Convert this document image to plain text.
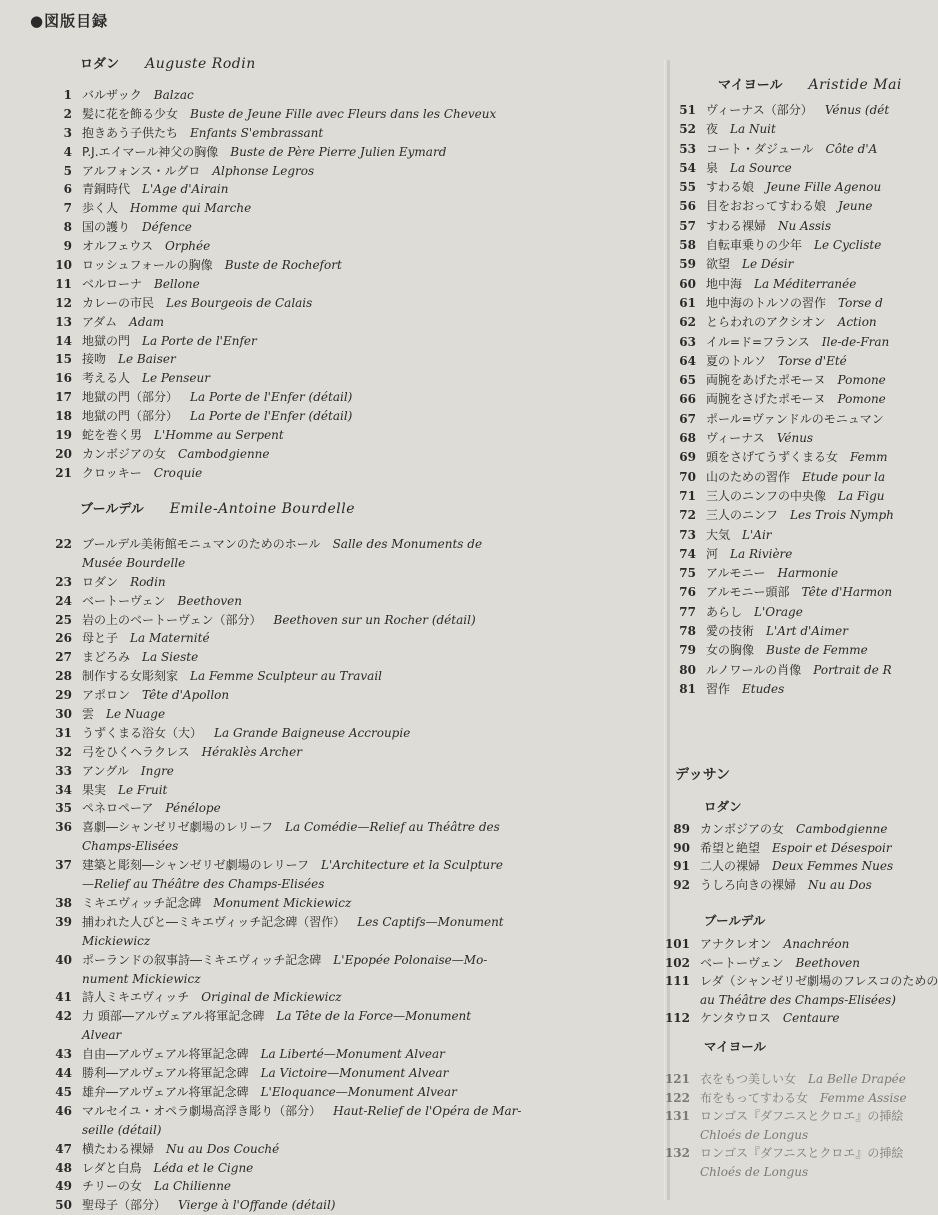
●図版目録
ロダン Auguste Rodin
1 バルザック Balzac
2 髪に花を飾る少女 Buste de Jeune Fille avec Fleurs dans les Cheveux
3 抱きあう子供たち Enfants S'embrassant
4 P.J.エイマール神父の胸像 Buste de Père Pierre Julien Eymard
5 アルフォンス・ルグロ Alphonse Legros
6 青銅時代 L'Age d'Airain
7 歩く人 Homme qui Marche
8 国の護り Défence
9 オルフェウス Orphée
10 ロッシュフォールの胸像 Buste de Rochefort
11 ベルローナ Bellone
12 カレーの市民 Les Bourgeois de Calais
13 アダム Adam
14 地獄の門 La Porte de l'Enfer
15 接吻 Le Baiser
16 考える人 Le Penseur
17 地獄の門（部分） La Porte de l'Enfer (détail)
18 地獄の門（部分） La Porte de l'Enfer (détail)
19 蛇を巻く男 L'Homme au Serpent
20 カンボジアの女 Cambodgienne
21 クロッキー Croquie
ブールデル Emile-Antoine Bourdelle
22 ブールデル美術館モニュマンのためのホール Salle des Monuments de
Musée Bourdelle
23 ロダン Rodin
24 ベートーヴェン Beethoven
25 岩の上のベートーヴェン（部分） Beethoven sur un Rocher (détail)
26 母と子 La Maternité
27 まどろみ La Sieste
28 制作する女彫刻家 La Femme Sculpteur au Travail
29 アポロン Tête d'Apollon
30 雲 Le Nuage
31 うずくまる浴女（大） La Grande Baigneuse Accroupie
32 弓をひくヘラクレス Héraklès Archer
33 アングル Ingre
34 果実 Le Fruit
35 ペネロペーア Pénélope
36 喜劇―シャンゼリゼ劇場のレリーフ La Comédie—Relief au Théâtre des
Champs-Elisées
37 建築と彫刻―シャンゼリゼ劇場のレリーフ L'Architecture et la Sculpture
—Relief au Théâtre des Champs-Elisées
38 ミキエヴィッチ記念碑 Monument Mickiewicz
39 捕われた人びと―ミキエヴィッチ記念碑（習作） Les Captifs—Monument
Mickiewicz
40 ポーランドの叙事詩―ミキエヴィッチ記念碑 L'Epopée Polonaise—Mo-
nument Mickiewicz
41 詩人ミキエヴィッチ Original de Mickiewicz
42 力 頭部―アルヴェアル将軍記念碑 La Tête de la Force—Monument
Alvear
43 自由―アルヴェアル将軍記念碑 La Liberté—Monument Alvear
44 勝利―アルヴェアル将軍記念碑 La Victoire—Monument Alvear
45 雄弁―アルヴェアル将軍記念碑 L'Eloquance—Monument Alvear
46 マルセイユ・オペラ劇場高浮き彫り（部分） Haut-Relief de l'Opéra de Mar-
seille (détail)
47 横たわる裸婦 Nu au Dos Couché
48 レダと白鳥 Léda et le Cigne
49 チリーの女 La Chilienne
50 聖母子（部分） Vierge à l'Offande (détail)
マイヨール Aristide Mai
51 ヴィーナス（部分） Vénus (dét
52 夜 La Nuit
53 コート・ダジュール Côte d'A
54 泉 La Source
55 すわる娘 Jeune Fille Agenou
56 目をおおってすわる娘 Jeune
57 すわる裸婦 Nu Assis
58 自転車乗りの少年 Le Cycliste
59 欲望 Le Désir
60 地中海 La Méditerranée
61 地中海のトルソの習作 Torse d
62 とらわれのアクシオン Action
63 イル=ド=フランス Ile-de-Fran
64 夏のトルソ Torse d'Eté
65 両腕をあげたポモーヌ Pomone
66 両腕をさげたポモーヌ Pomone
67 ポール=ヴァンドルのモニュマン
68 ヴィーナス Vénus
69 頭をさげてうずくまる女 Femm
70 山のための習作 Etude pour la
71 三人のニンフの中央像 La Figu
72 三人のニンフ Les Trois Nymph
73 大気 L'Air
74 河 La Rivière
75 アルモニー Harmonie
76 アルモニー頭部 Tête d'Harmon
77 あらし L'Orage
78 愛の技術 L'Art d'Aimer
79 女の胸像 Buste de Femme
80 ルノワールの肖像 Portrait de R
81 習作 Etudes
デッサン
ロダン
89 カンボジアの女 Cambodgienne
90 希望と絶望 Espoir et Désespoir
91 二人の裸婦 Deux Femmes Nues
92 うしろ向きの裸婦 Nu au Dos
ブールデル
101 アナクレオン Anachréon
102 ベートーヴェン Beethoven
111 レダ（シャンゼリゼ劇場のフレスコのための
au Théâtre des Champs-Elisées)
112 ケンタウロス Centaure
マイヨール
121 衣をもつ美しい女 La Belle Drapée
122 布をもってすわる女 Femme Assise
131 ロンゴス『ダフニスとクロエ』の挿絵
Chloés de Longus
132 ロンゴス『ダフニスとクロエ』の挿絵
Chloés de Longus
